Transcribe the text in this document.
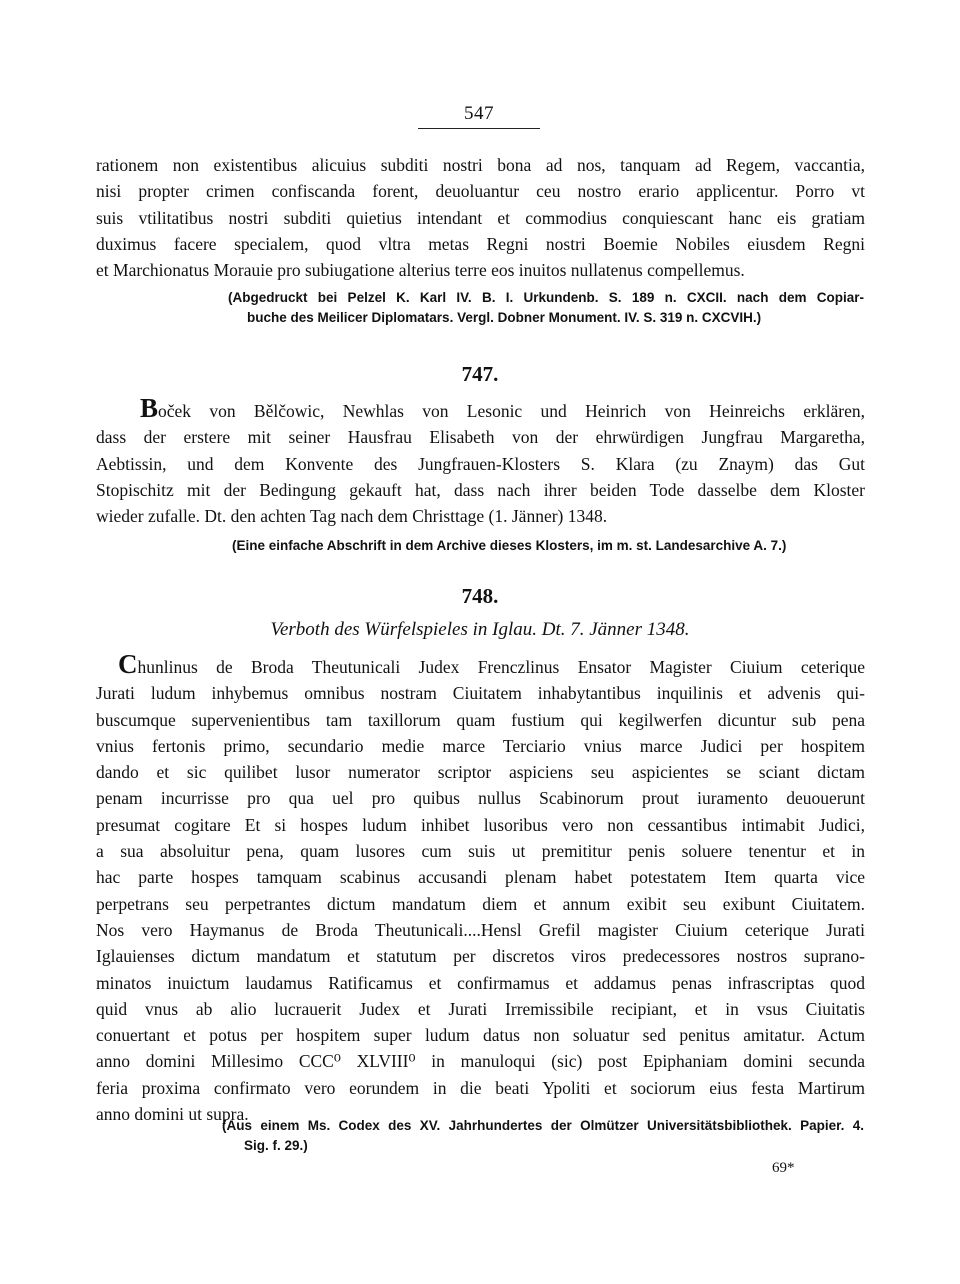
547
rationem non existentibus alicuius subditi nostri bona ad nos, tanquam ad Regem, vaccantia,
nisi propter crimen confiscanda forent, deuoluantur ceu nostro erario applicentur. Porro vt
suis vtilitatibus nostri subditi quietius intendant et commodius conquiescant hanc eis gratiam
duximus facere specialem, quod vltra metas Regni nostri Boemie Nobiles eiusdem Regni
et Marchionatus Morauie pro subiugatione alterius terre eos inuitos nullatenus compellemus.
(Abgedruckt bei Pelzel K. Karl IV. B. I. Urkundenb. S. 189 n. CXCII. nach dem Copiar-
buche des Meilicer Diplomatars. Vergl. Dobner Monument. IV. S. 319 n. CXCVIH.)
747.
Boček von Bělčowic, Newhlas von Lesonic und Heinrich von Heinreichs erklären,
dass der erstere mit seiner Hausfrau Elisabeth von der ehrwürdigen Jungfrau Margaretha,
Aebtissin, und dem Konvente des Jungfrauen-Klosters S. Klara (zu Znaym) das Gut
Stopischitz mit der Bedingung gekauft hat, dass nach ihrer beiden Tode dasselbe dem Kloster
wieder zufalle. Dt. den achten Tag nach dem Christtage (1. Jänner) 1348.
(Eine einfache Abschrift in dem Archive dieses Klosters, im m. st. Landesarchive A. 7.)
748.
Verboth des Würfelspieles in Iglau. Dt. 7. Jänner 1348.
Chunlinus de Broda Theutunicali Judex Frenczlinus Ensator Magister Ciuium ceterique
Jurati ludum inhybemus omnibus nostram Ciuitatem inhabytantibus inquilinis et advenis qui-
buscumque supervenientibus tam taxillorum quam fustium qui kegilwerfen dicuntur sub pena
vnius fertonis primo, secundario medie marce Terciario vnius marce Judici per hospitem
dando et sic quilibet lusor numerator scriptor aspiciens seu aspicientes se sciant dictam
penam incurrisse pro qua uel pro quibus nullus Scabinorum prout iuramento deuouerunt
presumat cogitare Et si hospes ludum inhibet lusoribus vero non cessantibus intimabit Judici,
a sua absoluitur pena, quam lusores cum suis ut premititur penis soluere tenentur et in
hac parte hospes tamquam scabinus accusandi plenam habet potestatem Item quarta vice
perpetrans seu perpetrantes dictum mandatum diem et annum exibit seu exibunt Ciuitatem.
Nos vero Haymanus de Broda Theutunicali....Hensl Grefil magister Ciuium ceterique Jurati
Iglauienses dictum mandatum et statutum per discretos viros predecessores nostros suprano-
minatos inuictum laudamus Ratificamus et confirmamus et addamus penas infrascriptas quod
quid vnus ab alio lucrauerit Judex et Jurati Irremissibile recipiant, et in vsus Ciuitatis
conuertant et potus per hospitem super ludum datus non soluatur sed penitus amitatur. Actum
anno domini Millesimo CCC⁰ XLVIII⁰ in manuloqui (sic) post Epiphaniam domini secunda
feria proxima confirmato vero eorundem in die beati Ypoliti et sociorum eius festa Martirum
anno domini ut supra.
(Aus einem Ms. Codex des XV. Jahrhundertes der Olmützer Universitätsbibliothek. Papier. 4.
Sig. f. 29.)
69*
